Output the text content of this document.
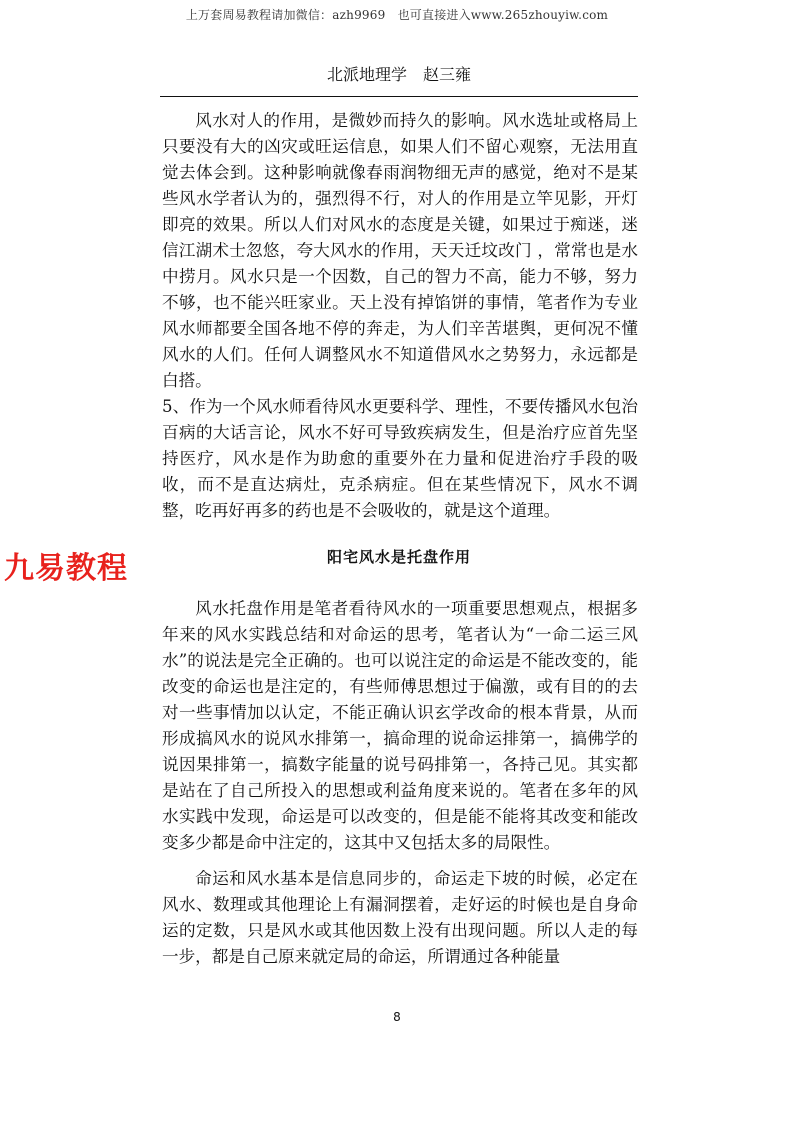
上万套周易教程请加微信：azh9969　也可直接进入www.265zhouyiw.com
北派地理学　赵三雍

风水对人的作用，是微妙而持久的影响。风水选址或格局上只要没有大的凶灾或旺运信息，如果人们不留心观察，无法用直觉去体会到。这种影响就像春雨润物细无声的感觉，绝对不是某些风水学者认为的，强烈得不行，对人的作用是立竿见影，开灯即亮的效果。所以人们对风水的态度是关键，如果过于痴迷，迷信江湖术士忽悠，夸大风水的作用，天天迁坟改门 ，常常也是水中捞月。风水只是一个因数，自己的智力不高，能力不够，努力不够，也不能兴旺家业。天上没有掉馅饼的事情，笔者作为专业风水师都要全国各地不停的奔走，为人们辛苦堪舆，更何况不懂风水的人们。任何人调整风水不知道借风水之势努力，永远都是白搭。

5、作为一个风水师看待风水更要科学、理性，不要传播风水包治百病的大话言论，风水不好可导致疾病发生，但是治疗应首先坚持医疗，风水是作为助愈的重要外在力量和促进治疗手段的吸收，而不是直达病灶，克杀病症。但在某些情况下，风水不调整，吃再好再多的药也是不会吸收的，就是这个道理。

九易教程	阳宅风水是托盘作用

风水托盘作用是笔者看待风水的一项重要思想观点，根据多年来的风水实践总结和对命运的思考，笔者认为“一命二运三风水”的说法是完全正确的。也可以说注定的命运是不能改变的，能改变的命运也是注定的，有些师傅思想过于偏激，或有目的的去对一些事情加以认定，不能正确认识玄学改命的根本背景，从而形成搞风水的说风水排第一，搞命理的说命运排第一，搞佛学的说因果排第一，搞数字能量的说号码排第一，各持己见。其实都是站在了自己所投入的思想或利益角度来说的。笔者在多年的风水实践中发现，命运是可以改变的，但是能不能将其改变和能改变多少都是命中注定的，这其中又包括太多的局限性。

命运和风水基本是信息同步的，命运走下坡的时候，必定在风水、数理或其他理论上有漏洞摆着，走好运的时候也是自身命运的定数，只是风水或其他因数上没有出现问题。所以人走的每一步，都是自己原来就定局的命运，所谓通过各种能量

8
